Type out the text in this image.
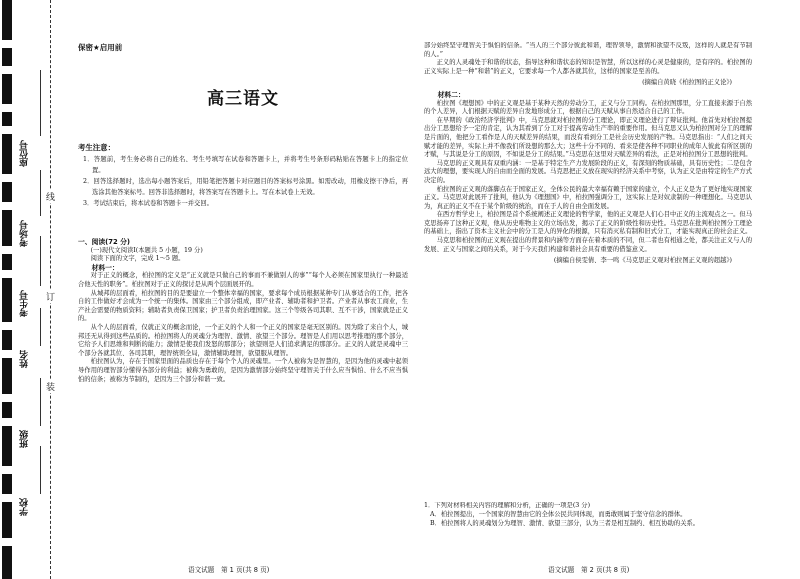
座位号
考场号
考生号
姓名
班级
学校
线
订
装
保密★启用前
高三语文
考生注意：

1．答题前，考生务必将自己的姓名、考生号填写在试卷和答题卡上，并将考生号条形码粘贴在答题卡上的指定位置。

2．回答选择题时，选出每小题答案后，用铅笔把答题卡对应题目的答案标号涂黑。如需改动，用橡皮擦干净后，再选涂其他答案标号。回答非选择题时，将答案写在答题卡上。写在本试卷上无效。

3．考试结束后，将本试卷和答题卡一并交回。

一、阅读(72 分)

(一)现代文阅读Ⅰ(本题共 5 小题，19 分)

阅读下面的文字，完成 1～5 题。

材料一：

对于正义的概念，柏拉图的定义是“正义就是只做自己的事而不兼做别人的事”“每个人必须在国家里执行一种最适合他天性的职务”。柏拉图对于正义的探讨是从两个层面展开的。

从城邦的层面看，柏拉图的目的是要建立一个整体幸福的国家，要求每个成员根据某种专门从事适合的工作，把各自的工作做好才会成为一个统一的集体。国家由三个部分组成，即产业者、辅助者和护卫者。产业者从事农工商业，生产社会需要的物质资料；辅助者负责保卫国家；护卫者负责治理国家。这三个等级各司其职、互不干涉，国家就是正义的。

从个人的层面看，仅就正义的概念而论，一个正义的个人和一个正义的国家是毫无区别的。因为除了来自个人，城邦还无从得到这些品质的。柏拉图将人的灵魂分为理智、激情、欲望三个部分。理智是人们用以思考推理的那个部分，它给予人们思维和判断的能力；激情是使我们发怒的那部分；欲望则是人们追求满足的那部分。正义的人就是灵魂中三个部分各就其位、各司其职，理智统领全局，激情辅助理智，欲望服从理智。

柏拉图认为，存在于国家里面的品质也存在于每个个人的灵魂里。一个人被称为是智慧的，是因为他的灵魂中起领导作用的理智部分懂得各部分的利益；被称为勇敢的，是因为激情部分始终坚守理智关于什么应当惧怕、什么不应当惧怕的信条；被称为节制的，是因为三个部分和谐一致。

部分始终坚守理智关于惧怕的信条。“当人的三个部分彼此和谐，理智领导，激情和欲望不反叛，这样的人就是有节制的人。”

正义的人灵魂处于和谐的状态，指导这种和谐状态的知识是智慧，所以这样的心灵是健康的，是有序的。柏拉图的正义实际上是一种“和谐”的正义，它要求每一个人都各就其位，这样的国家是至善的。

(摘编自黄晓《柏拉图的正义论》)

材料二：

柏拉图《理想国》中的正义观是基于某种天然的劳动分工，正义与分工同构。在柏拉图那里，分工直接来源于自然的个人差异，人们根据天赋的差异自发地形成分工，根据自己的天赋从事自然适合自己的工作。

在早期的《政治经济学批判》中，马克思就对柏拉图的分工理论，即正义理论进行了辩证批判。他首先对柏拉图提出分工思想给予一定的肯定，认为其看到了分工对于提高劳动生产率的重要作用。但马克思又认为柏拉图对分工的理解是片面的，他把分工看作是人的天赋差异的结果，而没有看到分工是社会历史发展的产物。马克思指出：“人们之间天赋才能的差异，实际上并不像我们所设想的那么大；这些十分不同的、看来是使各种不同职业的成年人彼此有所区别的才赋，与其说是分工的原因，不如说是分工的结果。”马克思在这里对天赋差异的看法，正是对柏拉图分工思想的批判。

马克思的正义观具有双重内涵：一是基于特定生产力发展阶段的正义，有深刻的物质基础，具有历史性；二是包含远大的理想，要实现人的自由而全面的发展。马克思把正义放在现实的经济关系中考察，认为正义是由特定的生产方式决定的。

柏拉图的正义观的落脚点在于国家正义，全体公民的最大幸福有赖于国家的建立，个人正义是为了更好地实现国家正义。马克思对此展开了批判，他认为《理想国》中，柏拉图强调分工，这实际上是对奴隶制的一种理想化。马克思认为，真正的正义不在于某个阶级的统治，而在于人的自由全面发展。

在西方哲学史上，柏拉图是首个系统阐述正义理论的哲学家，他的正义观是人们心目中正义的主流观点之一。但马克思扬弃了这种正义观，他从历史唯物主义的立场出发，揭示了正义的阶级性和历史性。马克思在批判柏拉图分工理论的基础上，指出了资本主义社会中的分工是人的异化的根源，只有消灭私有制和旧式分工，才能实现真正的社会正义。

马克思和柏拉图的正义观在提出的背景和内涵等方面存在着本质的不同，但二者也有相通之处，都关注正义与人的发展、正义与国家之间的关系，对于今天我们构建和谐社会具有重要的借鉴意义。

(摘编自侯雯倩、李一鸣《马克思正义观对柏拉图正义观的超越》)

1．下列对材料相关内容的理解和分析，正确的一项是(3 分)

A．柏拉图提出，一个国家的智慧由它的全体公民共同体现，而勇敢则属于坚守信念的群体。

B．柏拉图将人的灵魂划分为理智、激情、欲望三部分，认为三者是相互制约、相互协助的关系。

语文试题　第 1 页(共 8 页)	语文试题　第 2 页(共 8 页)
